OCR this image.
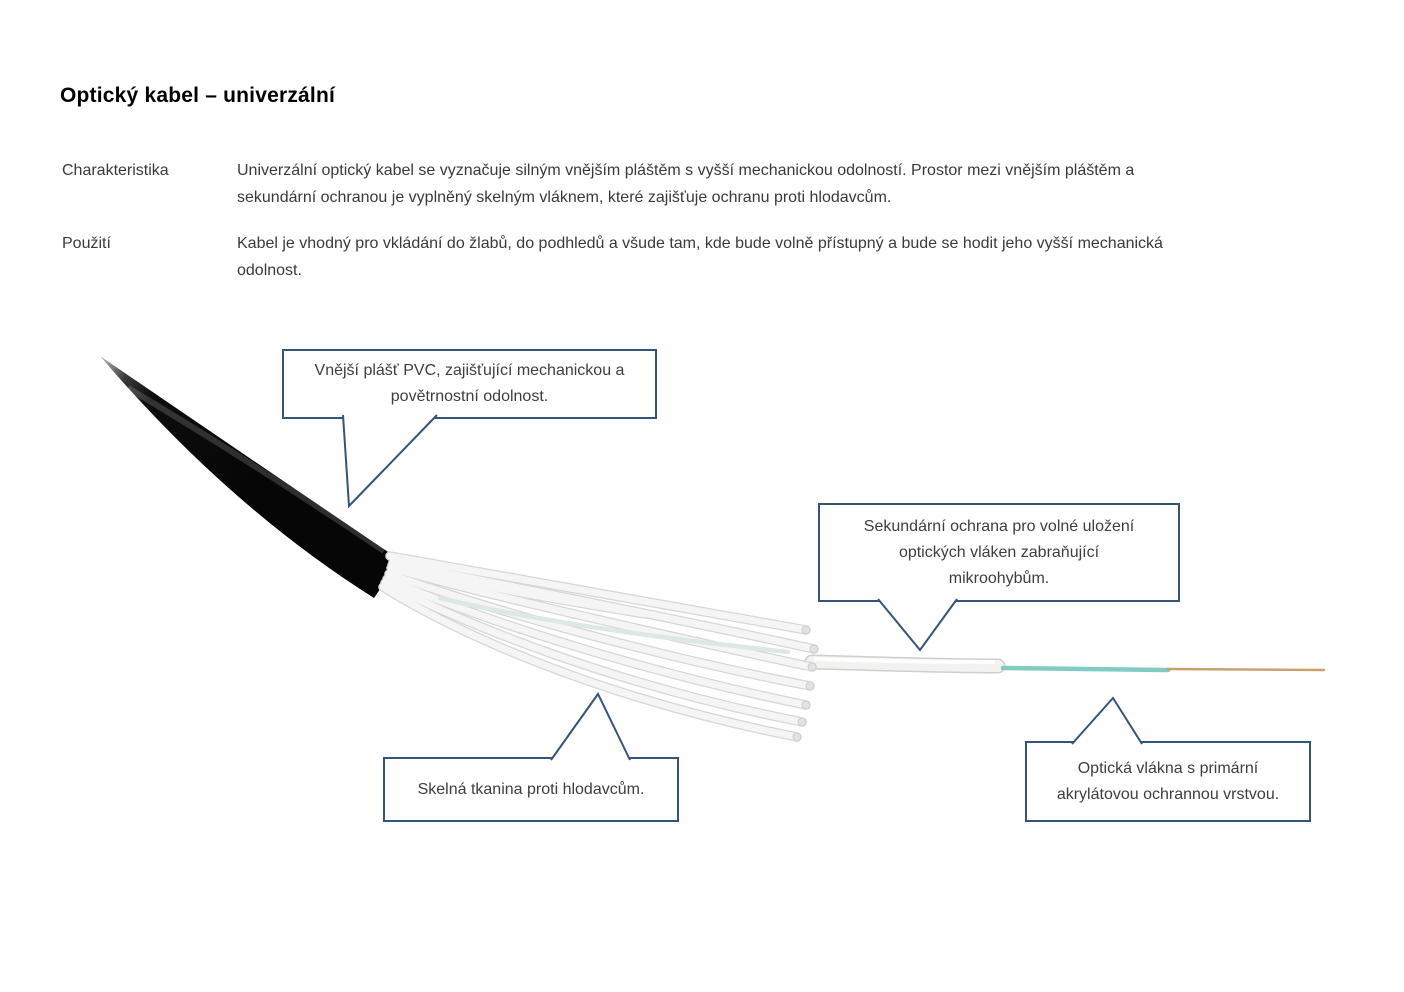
Optický kabel – univerzální
Charakteristika	Univerzální optický kabel se vyznačuje silným vnějším pláštěm s vyšší mechanickou odolností. Prostor mezi vnějším pláštěm a
sekundární ochranou je vyplněný skelným vláknem, které zajišťuje ochranu proti hlodavcům.
Použití	Kabel je vhodný pro vkládání do žlabů, do podhledů a všude tam, kde bude volně přístupný a bude se hodit jeho vyšší mechanická
odolnost.
Vnější plášť PVC, zajišťující mechanickou a
povětrnostní odolnost.
Sekundární ochrana pro volné uložení
optických vláken zabraňující
mikroohybům.
Skelná tkanina proti hlodavcům.
Optická vlákna s primární
akrylátovou ochrannou vrstvou.
